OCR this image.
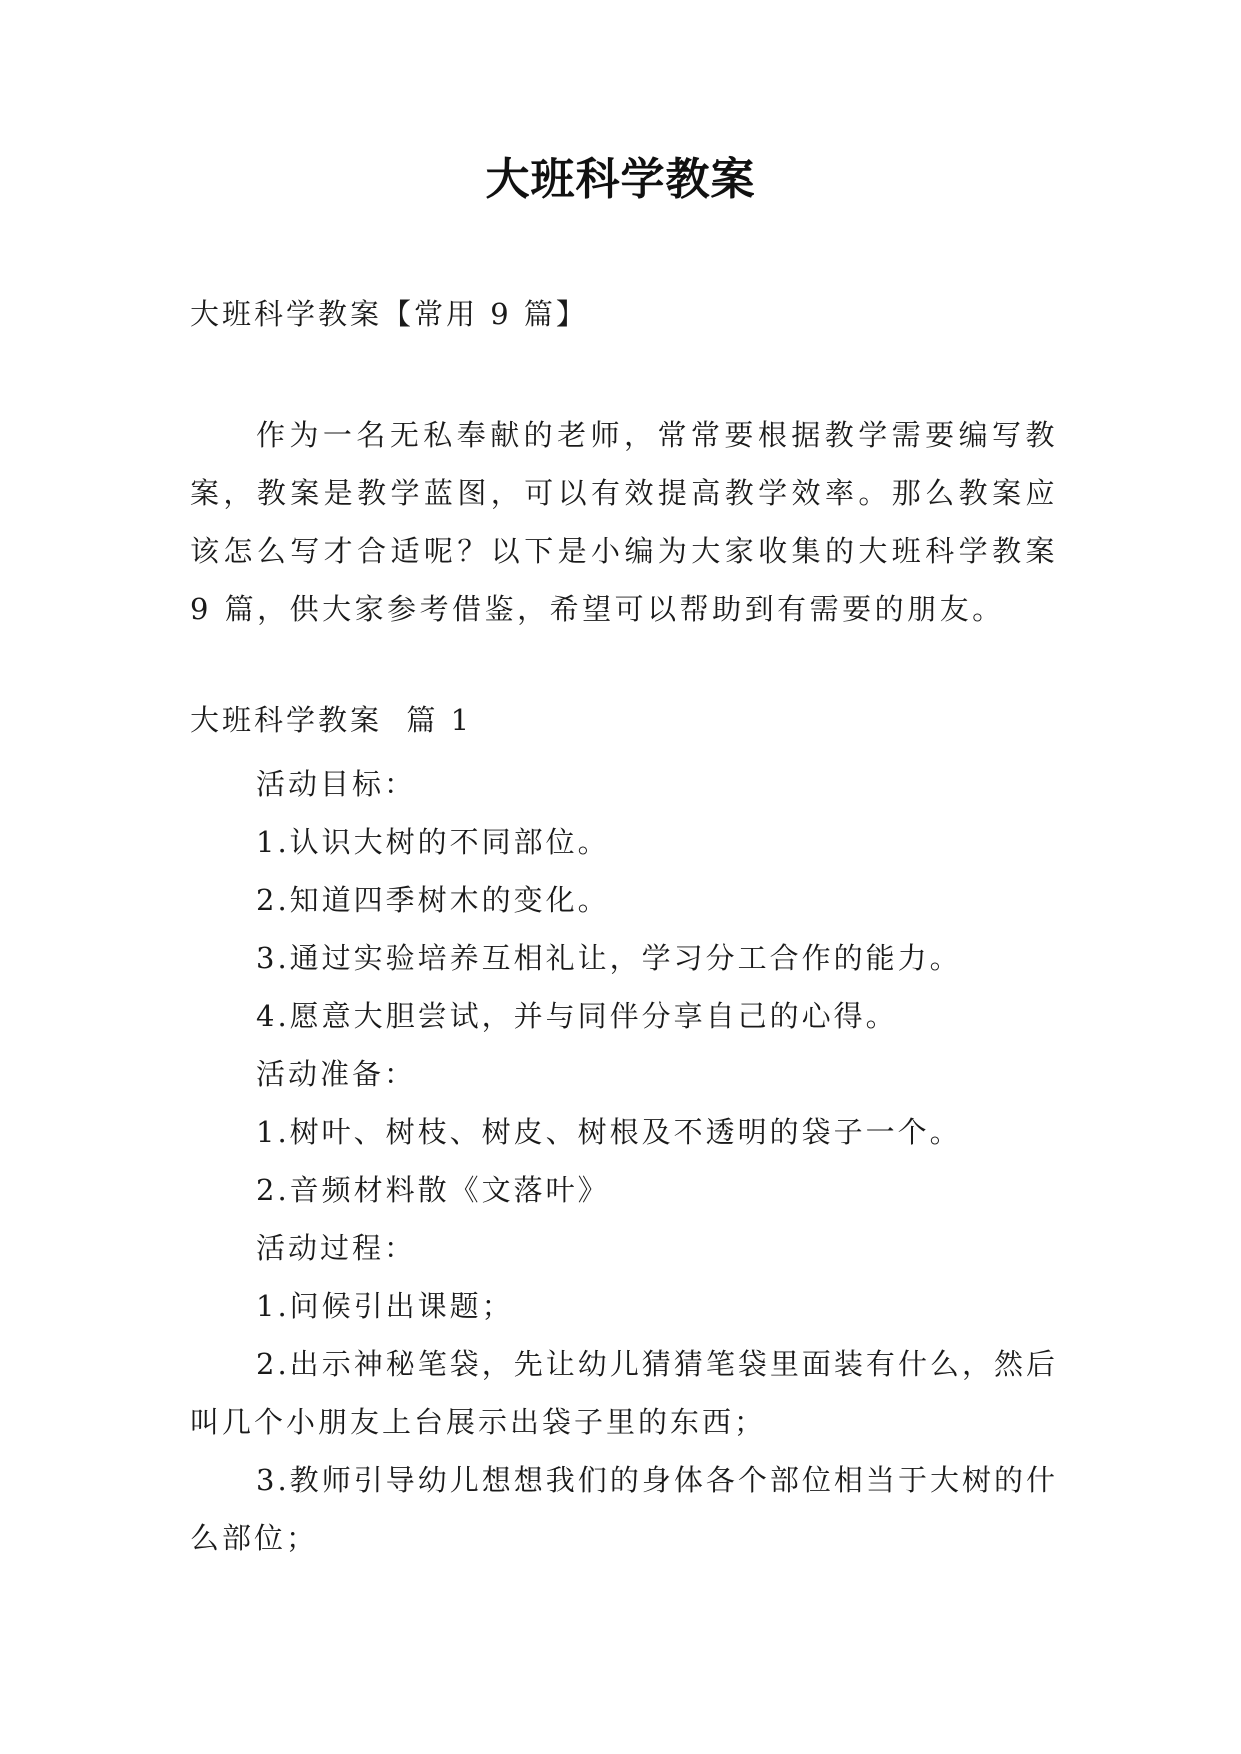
大班科学教案
大班科学教案【常用 9 篇】

作为一名无私奉献的老师，常常要根据教学需要编写教案，教案是教学蓝图，可以有效提高教学效率。那么教案应该怎么写才合适呢？以下是小编为大家收集的大班科学教案 9 篇，供大家参考借鉴，希望可以帮助到有需要的朋友。

大班科学教案  篇 1

活动目标：

1.认识大树的不同部位。

2.知道四季树木的变化。

3.通过实验培养互相礼让，学习分工合作的能力。

4.愿意大胆尝试，并与同伴分享自己的心得。

活动准备：

1.树叶、树枝、树皮、树根及不透明的袋子一个。

2.音频材料散《文落叶》

活动过程：

1.问候引出课题；

2.出示神秘笔袋，先让幼儿猜猜笔袋里面装有什么，然后叫几个小朋友上台展示出袋子里的东西；

3.教师引导幼儿想想我们的身体各个部位相当于大树的什么部位；
